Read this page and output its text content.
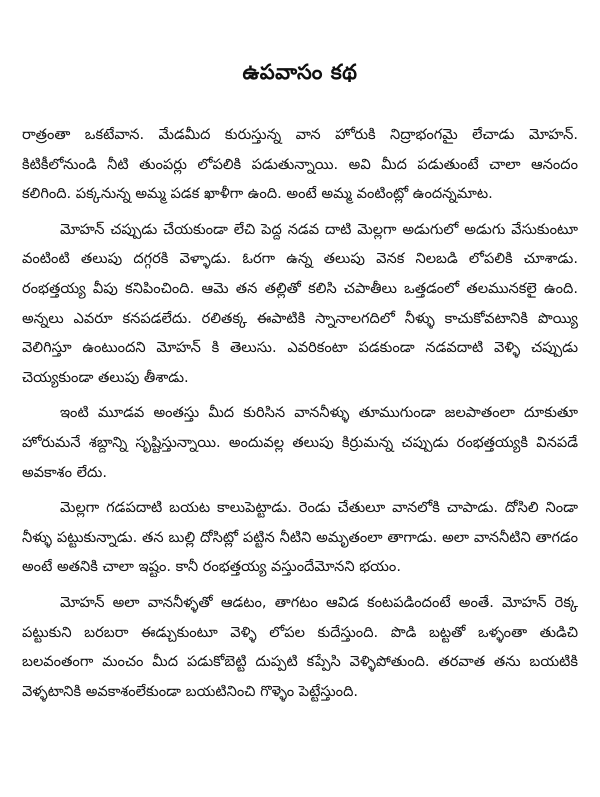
ఉపవాసం కథ

రాత్రంతా ఒకటేవాన. మేడమీద కురుస్తున్న వాన హోరుకి నిద్రాభంగమై లేచాడు మోహన్. కిటికీలోనుండి నీటి తుంపర్లు లోపలికి పడుతున్నాయి. అవి మీద పడుతుంటే చాలా ఆనందం కలిగింది. పక్కనున్న అమ్మ పడక ఖాళీగా ఉంది. అంటే అమ్మ వంటింట్లో ఉందన్నమాట.

మోహన్ చప్పుడు చేయకుండా లేచి పెద్ద నడవ దాటి మెల్లగా అడుగులో అడుగు వేసుకుంటూ వంటింటి తలుపు దగ్గరకి వెళ్ళాడు. ఓరగా ఉన్న తలుపు వెనక నిలబడి లోపలికి చూశాడు. రంభత్తయ్య వీపు కనిపించింది. ఆమె తన తల్లితో కలిసి చపాతీలు ఒత్తడంలో తలమునకలై ఉంది. అన్నలు ఎవరూ కనపడలేదు. రలితక్క ఈపాటికి స్నానాలగదిలో నీళ్ళు కాచుకోవటానికి పొయ్యి వెలిగిస్తూ ఉంటుందని మోహన్ కి తెలుసు. ఎవరికంటా పడకుండా నడవదాటి వెళ్ళి చప్పుడు చెయ్యకుండా తలుపు తీశాడు.

ఇంటి మూడవ అంతస్తు మీద కురిసిన వాననీళ్ళు తూముగుండా జలపాతంలా దూకుతూ హోరుమనే శబ్దాన్ని సృష్టిస్తున్నాయి. అందువల్ల తలుపు కిర్రుమన్న చప్పుడు రంభత్తయ్యకి వినపడే అవకాశం లేదు.

మెల్లగా గడపదాటి బయట కాలుపెట్టాడు. రెండు చేతులూ వానలోకి చాపాడు. దోసిలి నిండా నీళ్ళు పట్టుకున్నాడు. తన బుల్లి దోసిట్లో పట్టిన నీటిని అమృతంలా తాగాడు. అలా వాననీటిని తాగడం అంటే అతనికి చాలా ఇష్టం. కానీ రంభత్తయ్య వస్తుందేమోనని భయం.

మోహన్ అలా వాననీళ్ళతో ఆడటం, తాగటం ఆవిడ కంటపడిందంటే అంతే. మోహన్ రెక్క పట్టుకుని బరబరా ఈడ్చుకుంటూ వెళ్ళి లోపల కుదేస్తుంది. పొడి బట్టతో ఒళ్ళంతా తుడిచి బలవంతంగా మంచం మీద పడుకోబెట్టి దుప్పటి కప్పేసి వెళ్ళిపోతుంది. తరవాత తను బయటికి వెళ్ళటానికి అవకాశంలేకుండా బయటినించి గొళ్ళెం పెట్టేస్తుంది.
